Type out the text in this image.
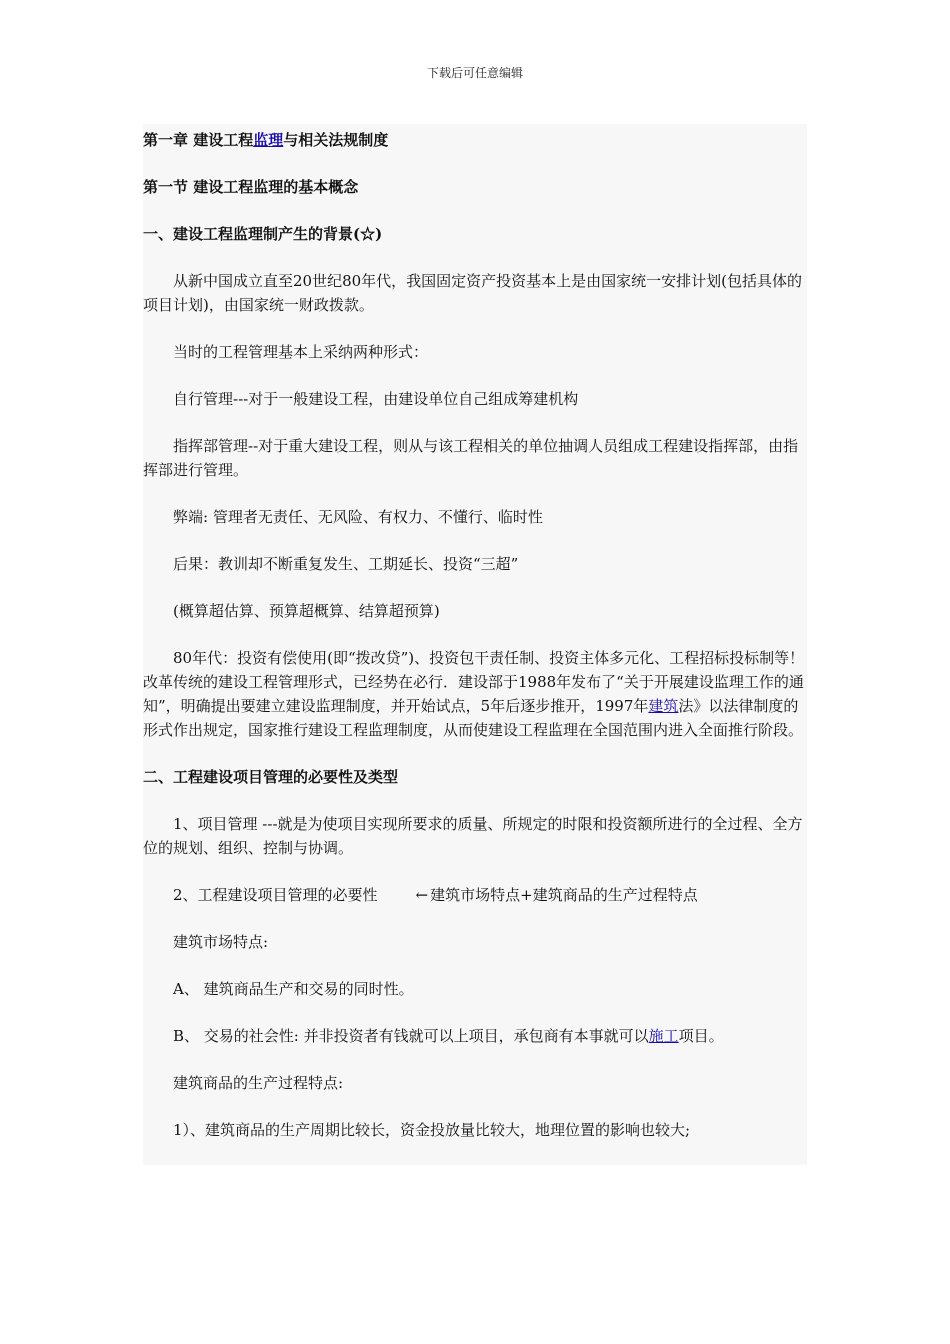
下载后可任意编辑

第一章 建设工程监理与相关法规制度

第一节 建设工程监理的基本概念

一、建设工程监理制产生的背景(☆)

从新中国成立直至20世纪80年代，我国固定资产投资基本上是由国家统一安排计划(包括具体的项目计划)，由国家统一财政拨款。

当时的工程管理基本上采纳两种形式：

自行管理---对于一般建设工程，由建设单位自己组成筹建机构

指挥部管理--对于重大建设工程，则从与该工程相关的单位抽调人员组成工程建设指挥部，由指挥部进行管理。

弊端: 管理者无责任、无风险、有权力、不懂行、临时性

后果：教训却不断重复发生、工期延长、投资“三超”

(概算超估算、预算超概算、结算超预算)

80年代：投资有偿使用(即“拨改贷”)、投资包干责任制、投资主体多元化、工程招标投标制等！改革传统的建设工程管理形式，已经势在必行．建设部于1988年发布了“关于开展建设监理工作的通知”，明确提出要建立建设监理制度，并开始试点，5年后逐步推开，1997年建筑法》以法律制度的形式作出规定，国家推行建设工程监理制度，从而使建设工程监理在全国范围内进入全面推行阶段。

二、工程建设项目管理的必要性及类型

1、项目管理 ---就是为使项目实现所要求的质量、所规定的时限和投资额所进行的全过程、全方位的规划、组织、控制与协调。

2、工程建设项目管理的必要性	← 建筑市场特点+建筑商品的生产过程特点

建筑市场特点:

A、 建筑商品生产和交易的同时性。

B、 交易的社会性: 并非投资者有钱就可以上项目，承包商有本事就可以施工项目。

建筑商品的生产过程特点:

1）、建筑商品的生产周期比较长，资金投放量比较大，地理位置的影响也较大;
